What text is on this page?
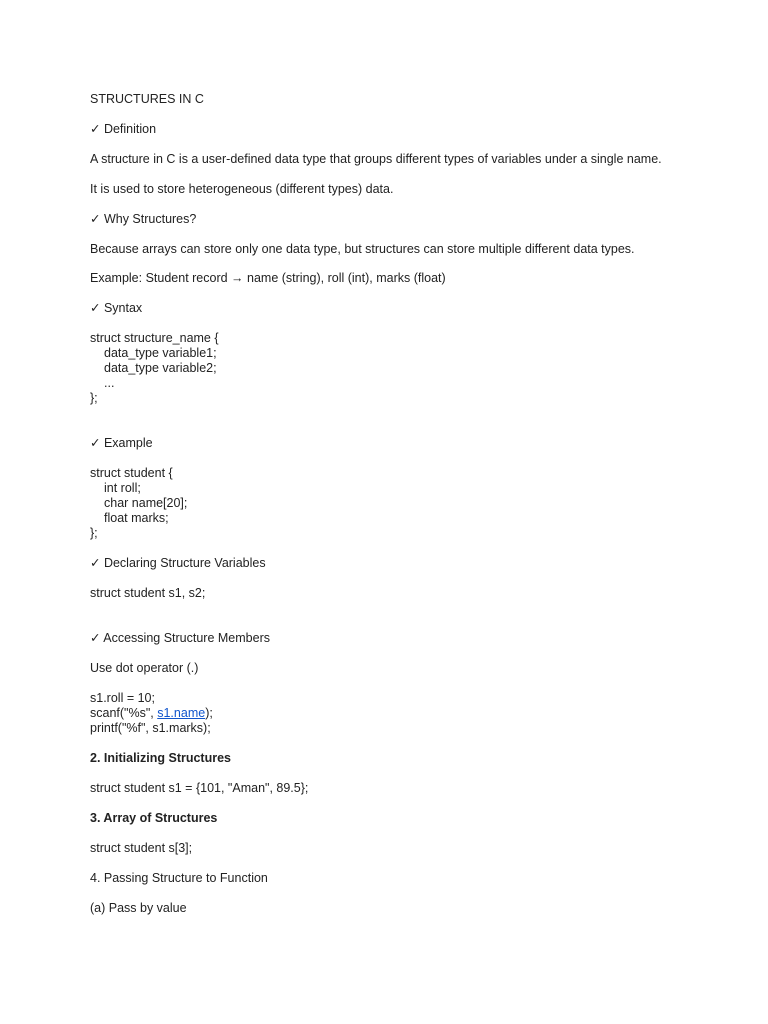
STRUCTURES IN C

✓ Definition

A structure in C is a user-defined data type that groups different types of variables under a single name.

It is used to store heterogeneous (different types) data.

✓ Why Structures?

Because arrays can store only one data type, but structures can store multiple different data types.

Example: Student record → name (string), roll (int), marks (float)

✓ Syntax

struct structure_name {

data_type variable1;

data_type variable2;

...

};

✓ Example

struct student {

int roll;

char name[20];

float marks;

};

✓ Declaring Structure Variables

struct student s1, s2;

✓ Accessing Structure Members

Use dot operator (.)

s1.roll = 10;

scanf("%s", s1.name);

printf("%f", s1.marks);

2. Initializing Structures

struct student s1 = {101, "Aman", 89.5};

3. Array of Structures

struct student s[3];

4. Passing Structure to Function

(a) Pass by value
